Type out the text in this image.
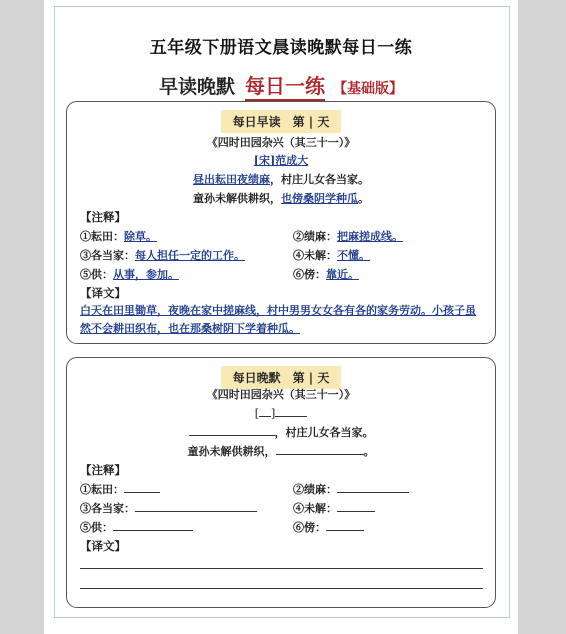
五年级下册语文晨读晚默每日一练
早读晚默 每日一练 【基础版】
每日早读　第 | 天
《四时田园杂兴（其三十一）》
[宋]范成大
昼出耘田夜绩麻，村庄儿女各当家。
童孙未解供耕织，也傍桑阴学种瓜。
【注释】
①耘田：除草。	②绩麻：把麻搓成线。
③各当家：每人担任一定的工作。	④未解：不懂。
⑤供：从事，参加。	⑥傍：靠近。
【译文】
白天在田里锄草，夜晚在家中搓麻线，村中男男女女各有各的家务劳动。小孩子虽然不会耕田织布，也在那桑树阴下学着种瓜。
每日晚默　第 | 天
《四时田园杂兴（其三十一）》
[ ]
，村庄儿女各当家。
童孙未解供耕织，	。
【注释】
①耘田：	②绩麻：
③各当家：	④未解：
⑤供：	⑥傍：
【译文】
